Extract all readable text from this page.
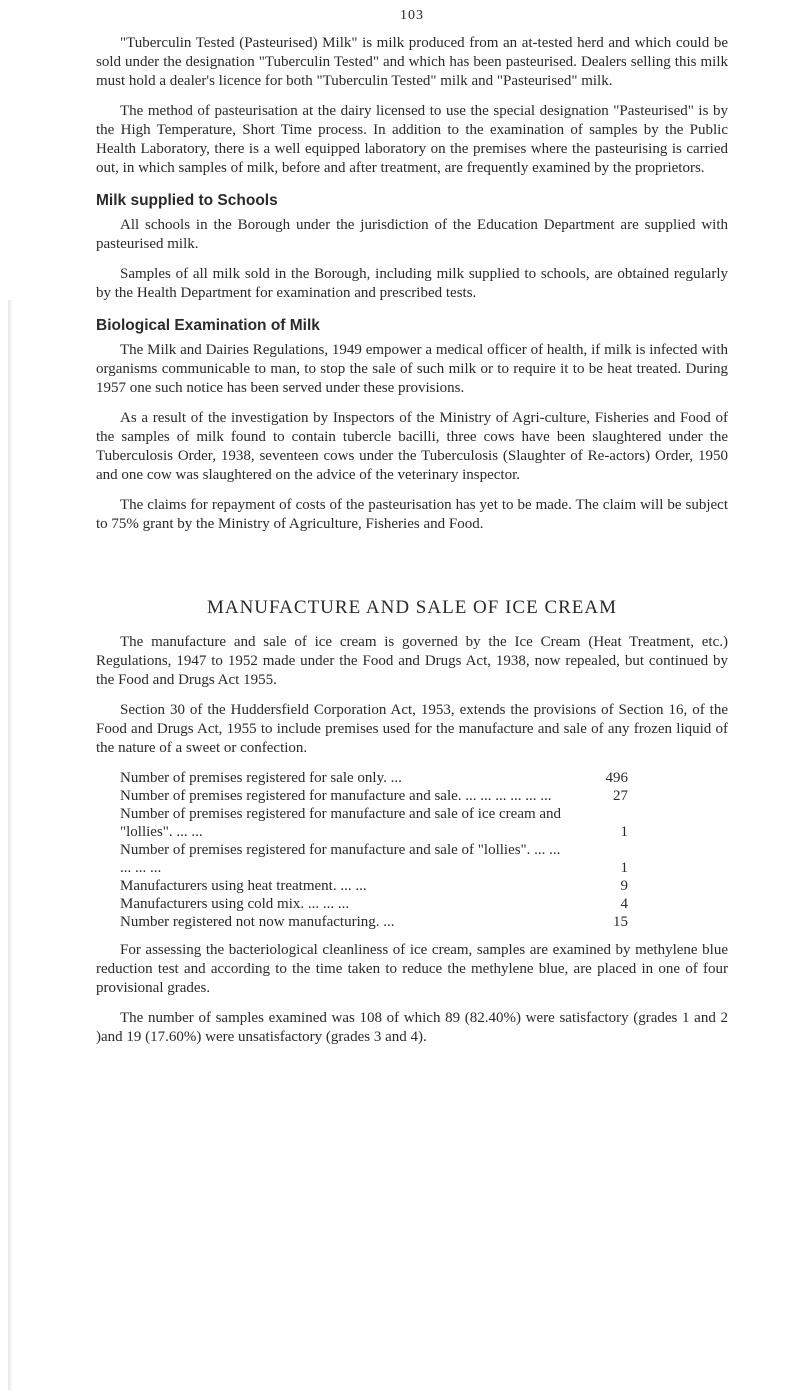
103

"Tuberculin Tested (Pasteurised) Milk" is milk produced from an at-tested herd and which could be sold under the designation "Tuberculin Tested" and which has been pasteurised. Dealers selling this milk must hold a dealer's licence for both "Tuberculin Tested" milk and "Pasteurised" milk.

The method of pasteurisation at the dairy licensed to use the special designation "Pasteurised" is by the High Temperature, Short Time process. In addition to the examination of samples by the Public Health Laboratory, there is a well equipped laboratory on the premises where the pasteurising is carried out, in which samples of milk, before and after treatment, are frequently examined by the proprietors.

Milk supplied to Schools

All schools in the Borough under the jurisdiction of the Education Department are supplied with pasteurised milk.

Samples of all milk sold in the Borough, including milk supplied to schools, are obtained regularly by the Health Department for examination and prescribed tests.

Biological Examination of Milk

The Milk and Dairies Regulations, 1949 empower a medical officer of health, if milk is infected with organisms communicable to man, to stop the sale of such milk or to require it to be heat treated. During 1957 one such notice has been served under these provisions.

As a result of the investigation by Inspectors of the Ministry of Agri-culture, Fisheries and Food of the samples of milk found to contain tubercle bacilli, three cows have been slaughtered under the Tuberculosis Order, 1938, seventeen cows under the Tuberculosis (Slaughter of Re-actors) Order, 1950 and one cow was slaughtered on the advice of the veterinary inspector.

The claims for repayment of costs of the pasteurisation has yet to be made. The claim will be subject to 75% grant by the Ministry of Agriculture, Fisheries and Food.

MANUFACTURE AND SALE OF ICE CREAM

The manufacture and sale of ice cream is governed by the Ice Cream (Heat Treatment, etc.) Regulations, 1947 to 1952 made under the Food and Drugs Act, 1938, now repealed, but continued by the Food and Drugs Act 1955.

Section 30 of the Huddersfield Corporation Act, 1953, extends the provisions of Section 16, of the Food and Drugs Act, 1955 to include premises used for the manufacture and sale of any frozen liquid of the nature of a sweet or confection.

Number of premises registered for sale only. ...	496
Number of premises registered for manufacture and sale. ... ... ... ... ... ...	27
Number of premises registered for manufacture and sale of ice cream and "lollies". ... ...	1
Number of premises registered for manufacture and sale of "lollies". ... ... ... ... ...	1
Manufacturers using heat treatment. ... ...	9
Manufacturers using cold mix. ... ... ...	4
Number registered not now manufacturing. ...	15

For assessing the bacteriological cleanliness of ice cream, samples are examined by methylene blue reduction test and according to the time taken to reduce the methylene blue, are placed in one of four provisional grades.

The number of samples examined was 108 of which 89 (82.40%) were satisfactory (grades 1 and 2 )and 19 (17.60%) were unsatisfactory (grades 3 and 4).
